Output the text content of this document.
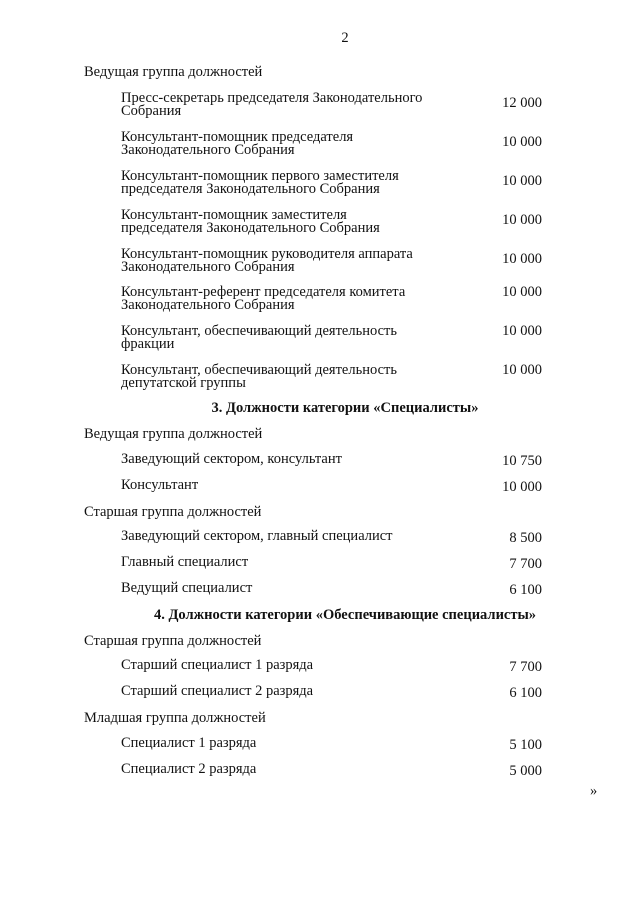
2
Ведущая группа должностей
Пресс-секретарь председателя Законодательного
Собрания	12 000
Консультант-помощник председателя
Законодательного Собрания	10 000
Консультант-помощник первого заместителя
председателя Законодательного Собрания	10 000
Консультант-помощник заместителя
председателя Законодательного Собрания	10 000
Консультант-помощник руководителя аппарата
Законодательного Собрания	10 000
Консультант-референт председателя комитета
Законодательного Собрания
10 000
Консультант, обеспечивающий деятельность
фракции
10 000
Консультант, обеспечивающий деятельность
депутатской группы
10 000
3. Должности категории «Специалисты»
Ведущая группа должностей
Заведующий сектором, консультант	10 750
Консультант	10 000
Старшая группа должностей
Заведующий сектором, главный специалист	8 500
Главный специалист	7 700
Ведущий специалист	6 100
4. Должности категории «Обеспечивающие специалисты»
Старшая группа должностей
Старший специалист 1 разряда	7 700
Старший специалист 2 разряда	6 100
Младшая группа должностей
Специалист 1 разряда	5 100
Специалист 2 разряда	5 000
»
